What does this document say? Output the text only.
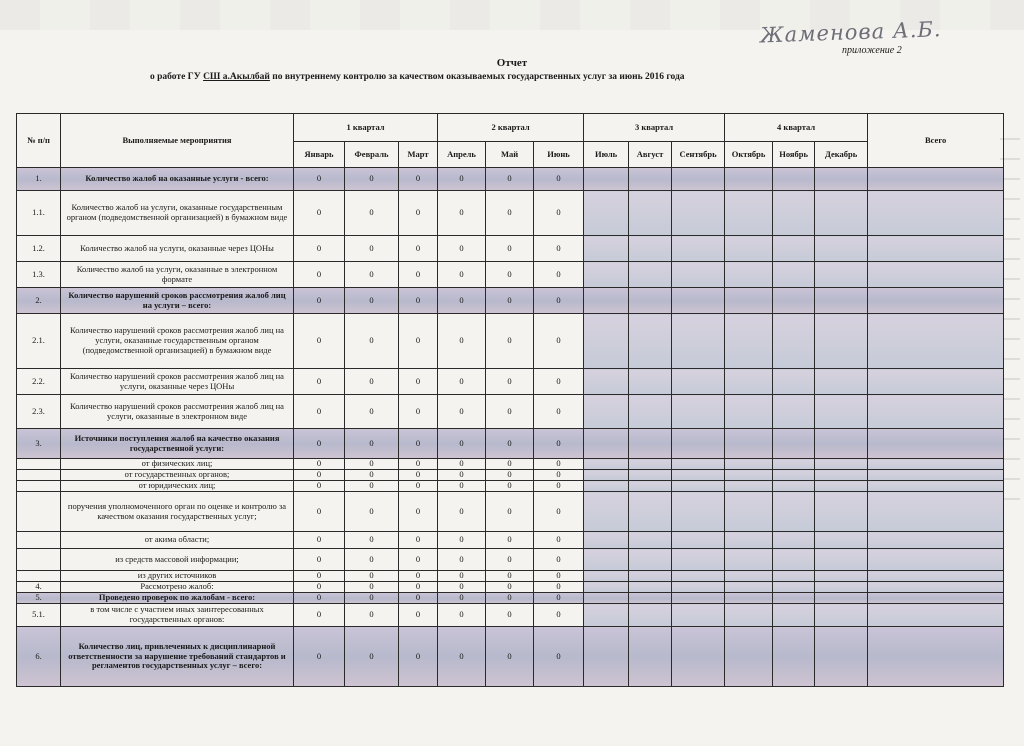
Жаменова А.Б.
приложение 2
Отчет
о работе ГУ СШ а.Акылбай по внутреннему контролю за качеством оказываемых государственных услуг за июнь 2016 года
№ п/п	Выполняемые мероприятия	1 квартал			2 квартал			3 квартал			4 квартал			Всего
		Январь	Февраль	Март	Апрель	Май	Июнь	Июль	Август	Сентябрь	Октябрь	Ноябрь	Декабрь	
1.	Количество жалоб на оказанные услуги - всего:	0	0	0	0	0	0							
1.1.	Количество жалоб на услуги, оказанные государственным органом (подведомственной организацией) в бумажном виде	0	0	0	0	0	0							
1.2.	Количество жалоб на услуги, оказанные через ЦОНы	0	0	0	0	0	0							
1.3.	Количество жалоб на услуги, оказанные в электронном формате	0	0	0	0	0	0							
2.	Количество нарушений сроков рассмотрения жалоб лиц на услуги – всего:	0	0	0	0	0	0							
2.1.	Количество нарушений сроков рассмотрения жалоб лиц на услуги, оказанные государственным органом (подведомственной организацией) в бумажном виде	0	0	0	0	0	0							
2.2.	Количество нарушений сроков рассмотрения жалоб лиц на услуги, оказанные через ЦОНы	0	0	0	0	0	0							
2.3.	Количество нарушений сроков рассмотрения жалоб лиц на услуги, оказанные в электронном виде	0	0	0	0	0	0							
3.	Источники поступления жалоб на качество оказания государственной услуги:	0	0	0	0	0	0							
	от физических лиц;	0	0	0	0	0	0							
	от государственных органов;	0	0	0	0	0	0							
	от юридических лиц;	0	0	0	0	0	0							
	поручения уполномоченного орган по оценке и контролю за качеством оказания государственных услуг;	0	0	0	0	0	0							
	от акима области;	0	0	0	0	0	0							
	из средств массовой информации;	0	0	0	0	0	0							
	из других источников	0	0	0	0	0	0							
4.	Рассмотрено жалоб:	0	0	0	0	0	0							
5.	Проведено проверок по жалобам - всего:	0	0	0	0	0	0							
5.1.	в том числе с участием иных заинтересованных государственных органов:	0	0	0	0	0	0							
6.	Количество лиц, привлеченных к дисциплинарной ответственности за нарушение требований стандартов и регламентов государственных услуг – всего:	0	0	0	0	0	0							
